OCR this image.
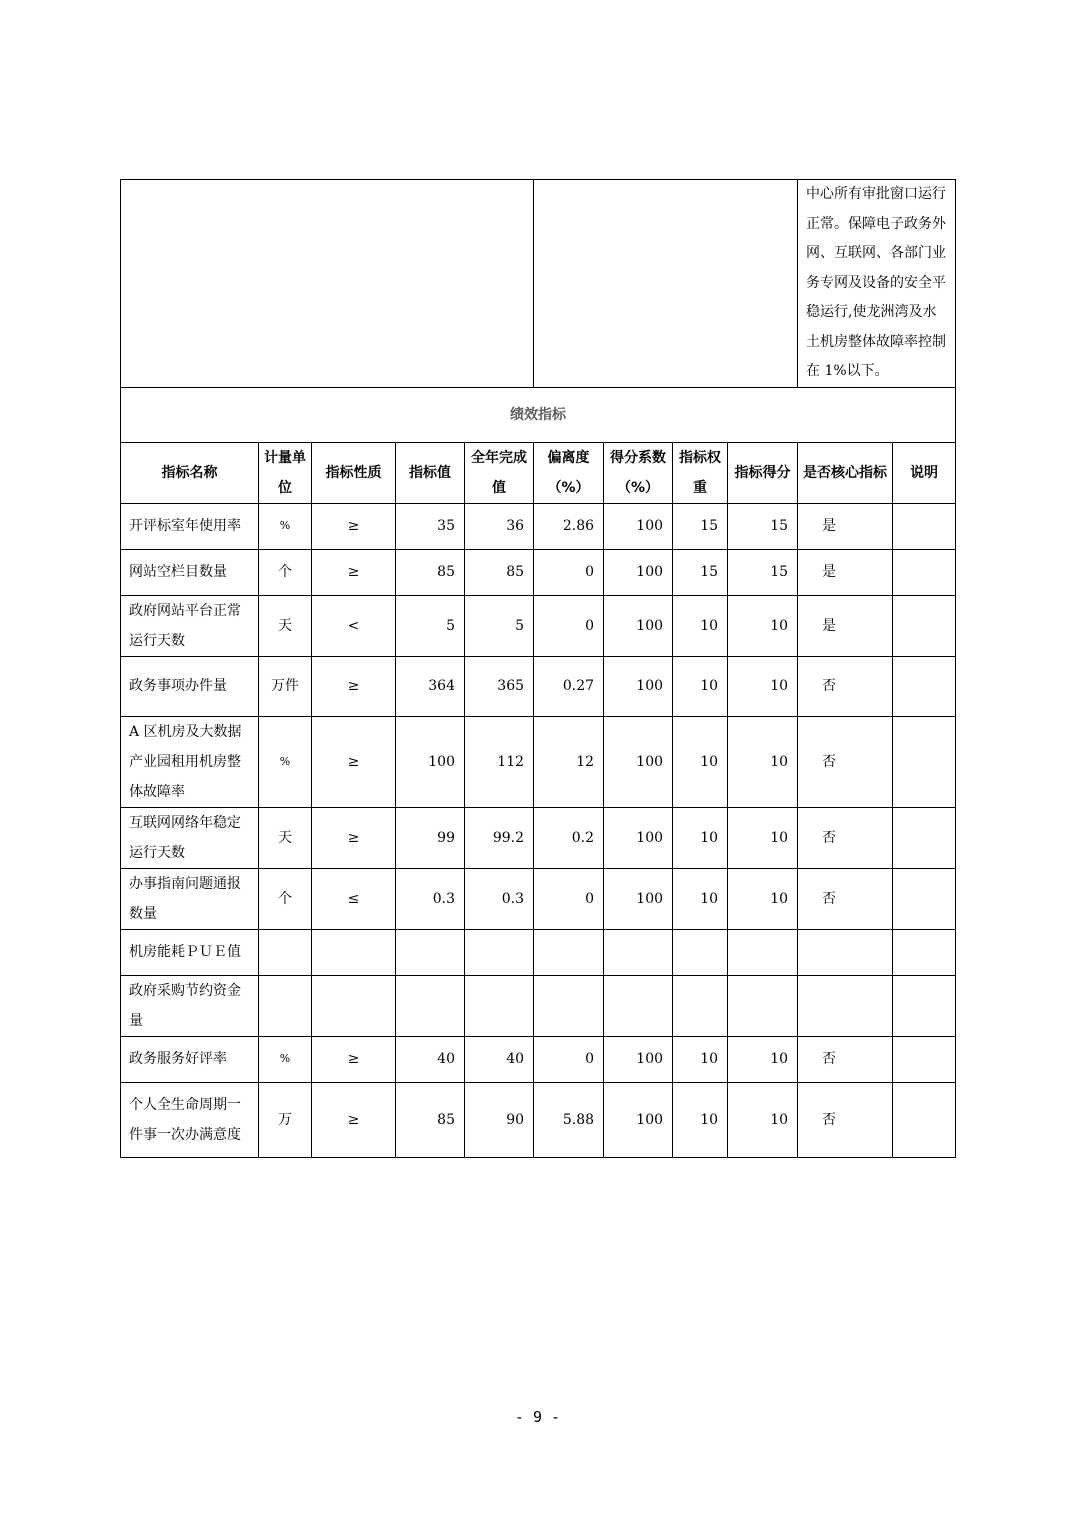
									中心所有审批窗口运行正常。保障电子政务外网、互联网、各部门业务专网及设备的安全平稳运行,使龙洲湾及水土机房整体故障率控制在 1%以下。	
绩效指标										
指标名称	计量单位	指标性质	指标值	全年完成值	偏离度（%）	得分系数（%）	指标权重	指标得分	是否核心指标	说明
开评标室年使用率	%	≥	35	36	2.86	100	15	15	是	
网站空栏目数量	个	≥	85	85	0	100	15	15	是	
政府网站平台正常运行天数	天	<	5	5	0	100	10	10	是	
政务事项办件量	万件	≥	364	365	0.27	100	10	10	否	
A 区机房及大数据产业园租用机房整体故障率	%	≥	100	112	12	100	10	10	否	
互联网网络年稳定运行天数	天	≥	99	99.2	0.2	100	10	10	否	
办事指南问题通报数量	个	≤	0.3	0.3	0	100	10	10	否	
机房能耗ＰＵＥ值										
政府采购节约资金量										
政务服务好评率	%	≥	40	40	0	100	10	10	否	
个人全生命周期一件事一次办满意度	万	≥	85	90	5.88	100	10	10	否	
- 9 -
